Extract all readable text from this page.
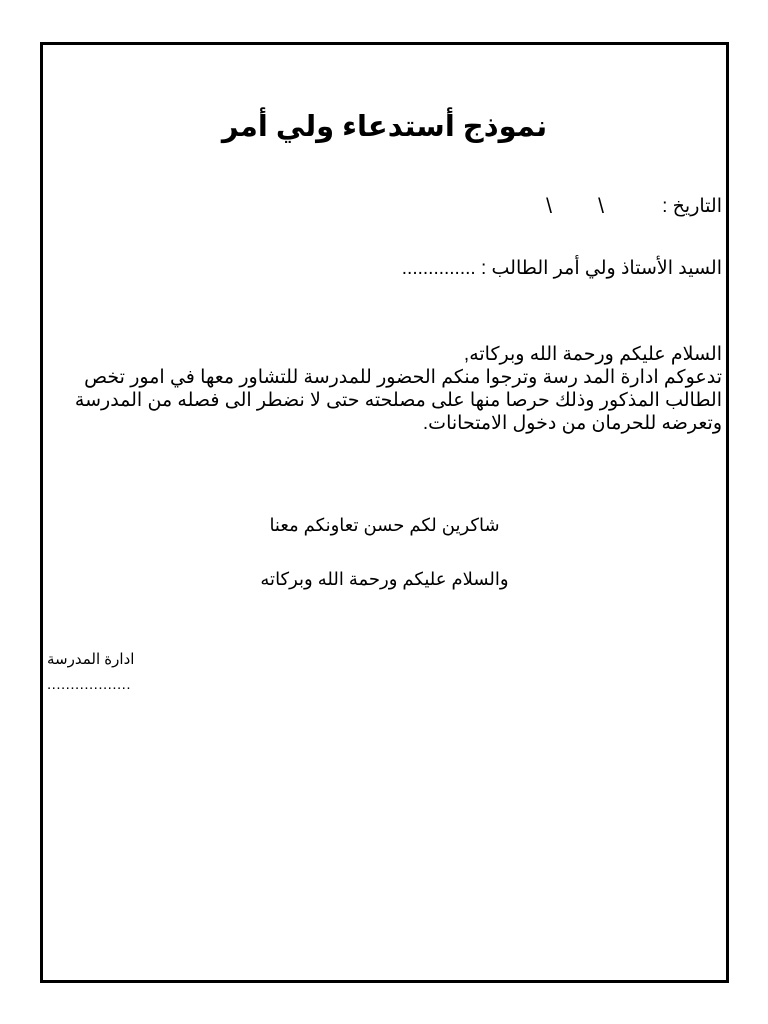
نموذج أستدعاء ولي أمر
التاريخ :
\
\
السيد الأستاذ ولي أمر الطالب : ..............

السلام عليكم ورحمة الله وبركاته,

تدعوكم ادارة المد رسة وترجوا منكم الحضور للمدرسة للتشاور معها في امور تخص الطالب المذكور وذلك حرصا منها على مصلحته حتى لا نضطر الى فصله من المدرسة وتعرضه للحرمان من دخول الامتحانات.

شاكرين لكم حسن تعاونكم معنا
والسلام عليكم ورحمة الله وبركاته
ادارة المدرسة
..................
